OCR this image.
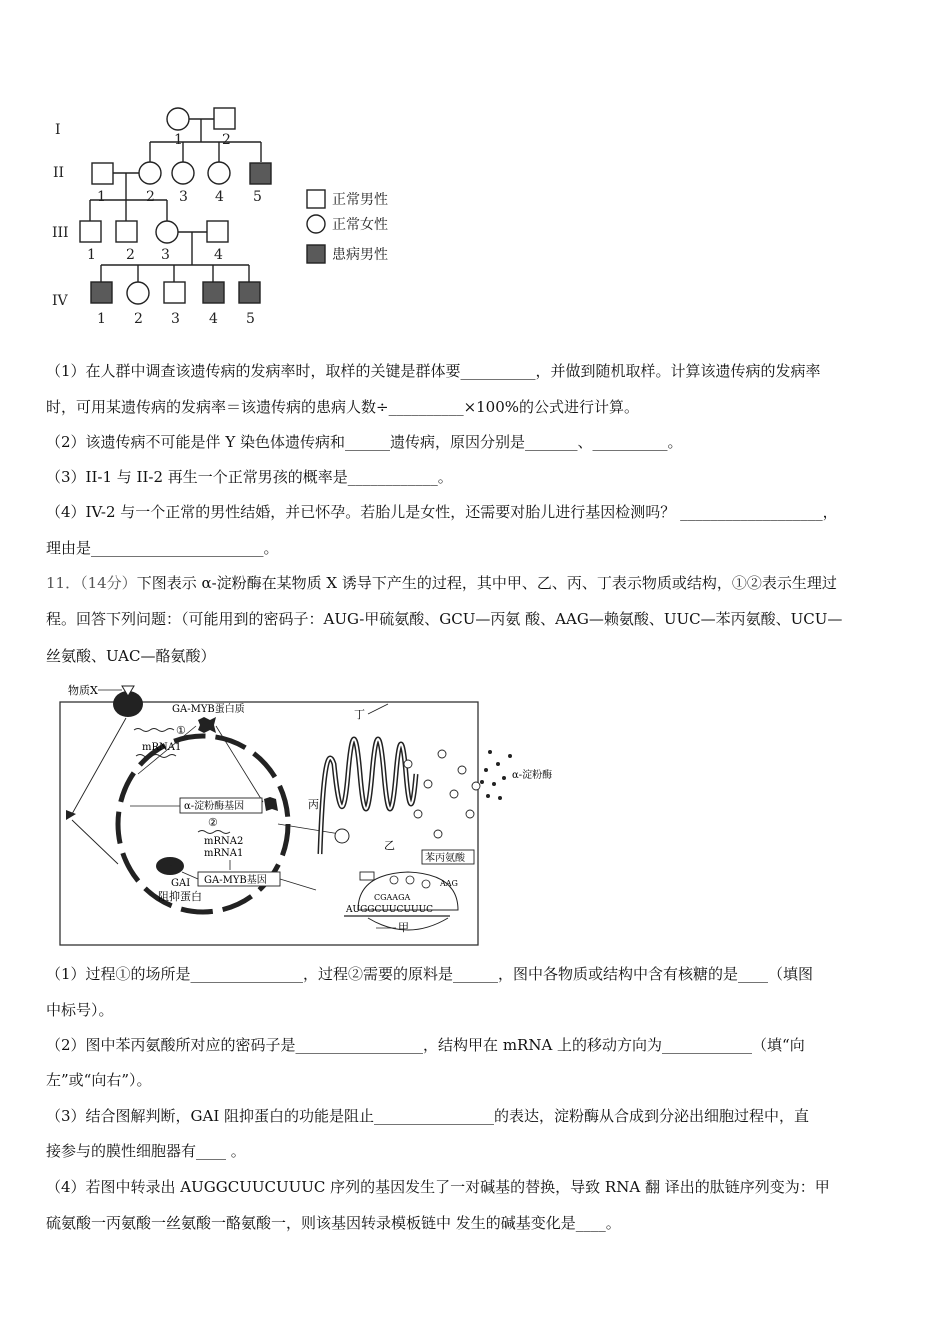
I
II
III
IV
1	2
1	2 3 4 5
1 2 3	4
1 2 3 4 5
正常男性
正常女性
患病男性
（1）在人群中调查该遗传病的发病率时，取样的关键是群体要__________，并做到随机取样。计算该遗传病的发病率
时，可用某遗传病的发病率＝该遗传病的患病人数÷__________×100%的公式进行计算。
（2）该遗传病不可能是伴 Y 染色体遗传病和______遗传病，原因分别是_______、__________。
（3）II-1 与 II-2 再生一个正常男孩的概率是____________。
（4）IV-2 与一个正常的男性结婚，并已怀孕。若胎儿是女性，还需要对胎儿进行基因检测吗？ ___________________，
理由是_______________________。
11．（14分）下图表示 α-淀粉酶在某物质 X 诱导下产生的过程，其中甲、乙、丙、丁表示物质或结构，①②表示生理过
程。回答下列问题：（可能用到的密码子：AUG-甲硫氨酸、GCU—丙氨 酸、AAG—赖氨酸、UUC—苯丙氨酸、UCU—
丝氨酸、UAC—酪氨酸）
物质X
GAI
阻抑蛋白
GA-MYB蛋白质
①
mRNA1
α-淀粉酶基因
②
mRNA2
mRNA1
GA-MYB基因
丙
乙
丁
α-淀粉酶
苯丙氨酸
AAG
CGAAGA
AUGGCUUCUUUC
甲
（1）过程①的场所是_______________，过程②需要的原料是______，图中各物质或结构中含有核糖的是____（填图
中标号）。
（2）图中苯丙氨酸所对应的密码子是_________________，结构甲在 mRNA 上的移动方向为____________（填“向
左”或“向右”）。
（3）结合图解判断，GAI 阻抑蛋白的功能是阻止________________的表达，淀粉酶从合成到分泌出细胞过程中，直
接参与的膜性细胞器有____ 。
（4）若图中转录出 AUGGCUUCUUUC 序列的基因发生了一对碱基的替换，导致 RNA 翻 译出的肽链序列变为：甲
硫氨酸一丙氨酸一丝氨酸一酪氨酸一，则该基因转录模板链中 发生的碱基变化是____。
